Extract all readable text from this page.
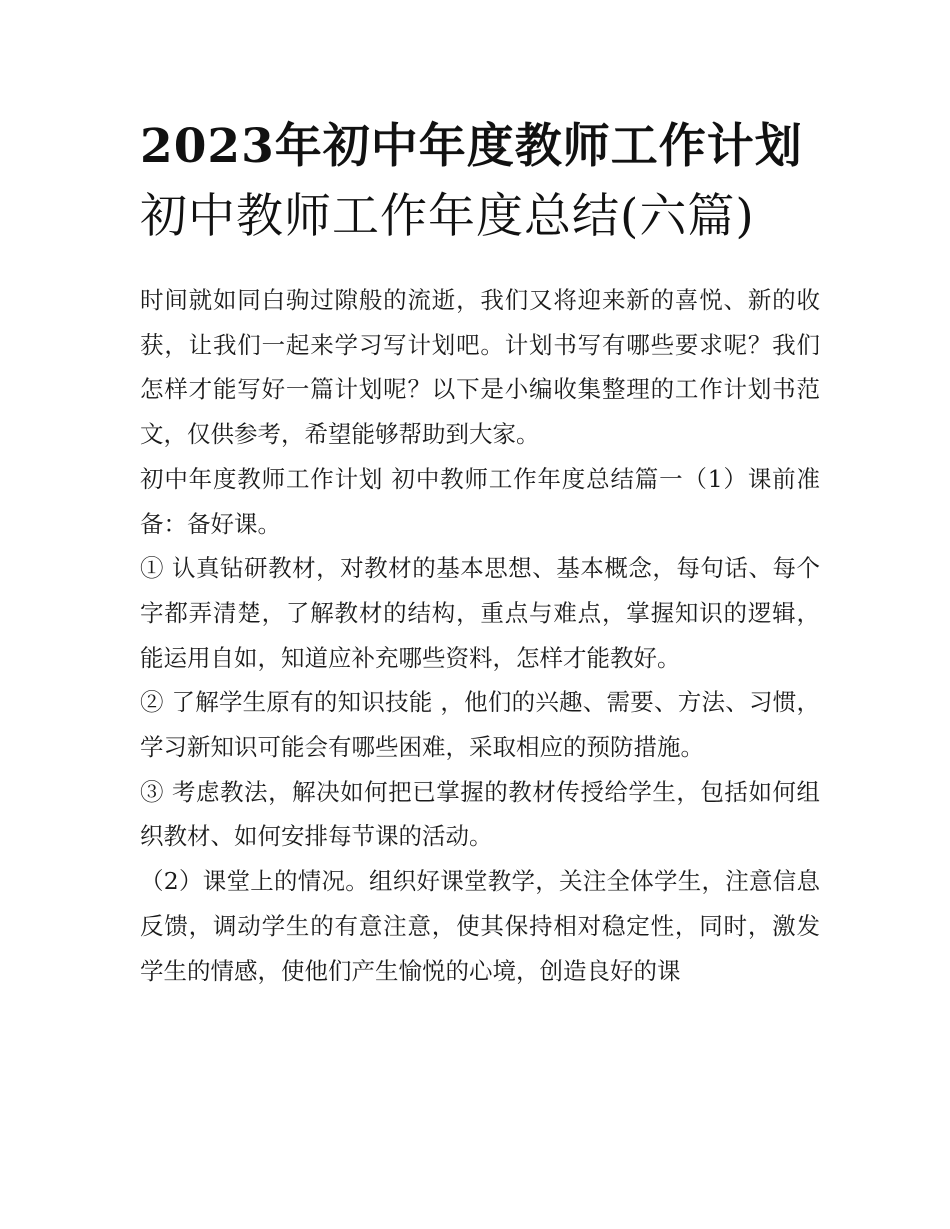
2023年初中年度教师工作计划
初中教师工作年度总结(六篇)

时间就如同白驹过隙般的流逝，我们又将迎来新的喜悦、新的收获，让我们一起来学习写计划吧。计划书写有哪些要求呢？我们怎样才能写好一篇计划呢？以下是小编收集整理的工作计划书范文，仅供参考，希望能够帮助到大家。

初中年度教师工作计划 初中教师工作年度总结篇一（1）课前准备：备好课。

① 认真钻研教材，对教材的基本思想、基本概念，每句话、每个字都弄清楚，了解教材的结构，重点与难点，掌握知识的逻辑，能运用自如，知道应补充哪些资料，怎样才能教好。

② 了解学生原有的知识技能 ，他们的兴趣、需要、方法、习惯，学习新知识可能会有哪些困难，采取相应的预防措施。

③ 考虑教法，解决如何把已掌握的教材传授给学生，包括如何组织教材、如何安排每节课的活动。

（2）课堂上的情况。组织好课堂教学，关注全体学生，注意信息反馈，调动学生的有意注意，使其保持相对稳定性，同时，激发学生的情感，使他们产生愉悦的心境，创造良好的课
